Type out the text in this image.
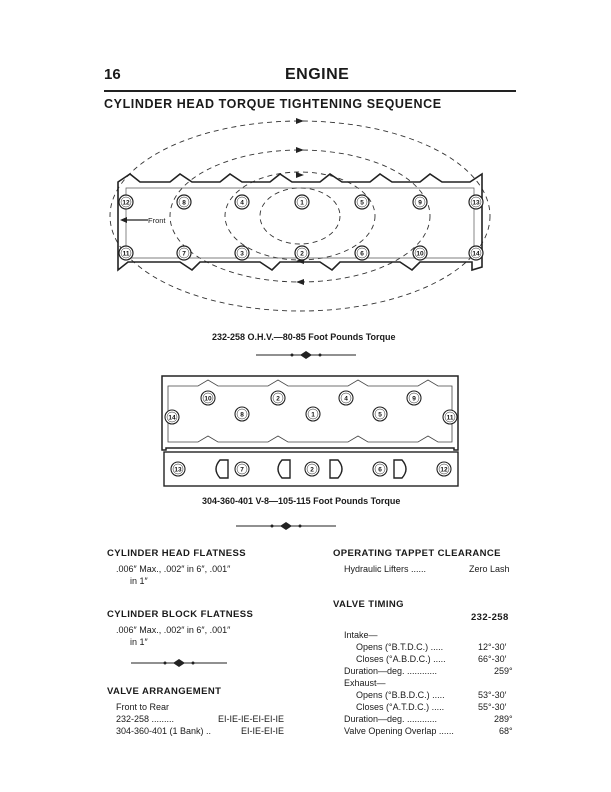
16	ENGINE
CYLINDER HEAD TORQUE TIGHTENING SEQUENCE
12	8	4	1	5	9	13
11	7	3	2	6	10	14
Front
232-258 O.H.V.—80-85 Foot Pounds Torque
10	2	4	9
14	8	1	5	11
13	7	2	6	12
304-360-401 V-8—105-115 Foot Pounds Torque
CYLINDER HEAD FLATNESS
.006″ Max., .002″ in 6″, .001″
in 1″
CYLINDER BLOCK FLATNESS
.006″ Max., .002″ in 6″, .001″
in 1″
VALVE ARRANGEMENT
Front to Rear
232-258 .........	EI-IE-IE-EI-EI-IE
304-360-401 (1 Bank) ..	EI-IE-EI-IE
OPERATING TAPPET CLEARANCE
Hydraulic Lifters ......	Zero Lash
VALVE TIMING
232-258
Intake—
Opens (°B.T.D.C.) .....	12°-30′
Closes (°A.B.D.C.) .....	66°-30′
Duration—deg. ............	259°
Exhaust—
Opens (°B.B.D.C.) .....	53°-30′
Closes (°A.T.D.C.) .....	55°-30′
Duration—deg. ............	289°
Valve Opening Overlap ......	68°
